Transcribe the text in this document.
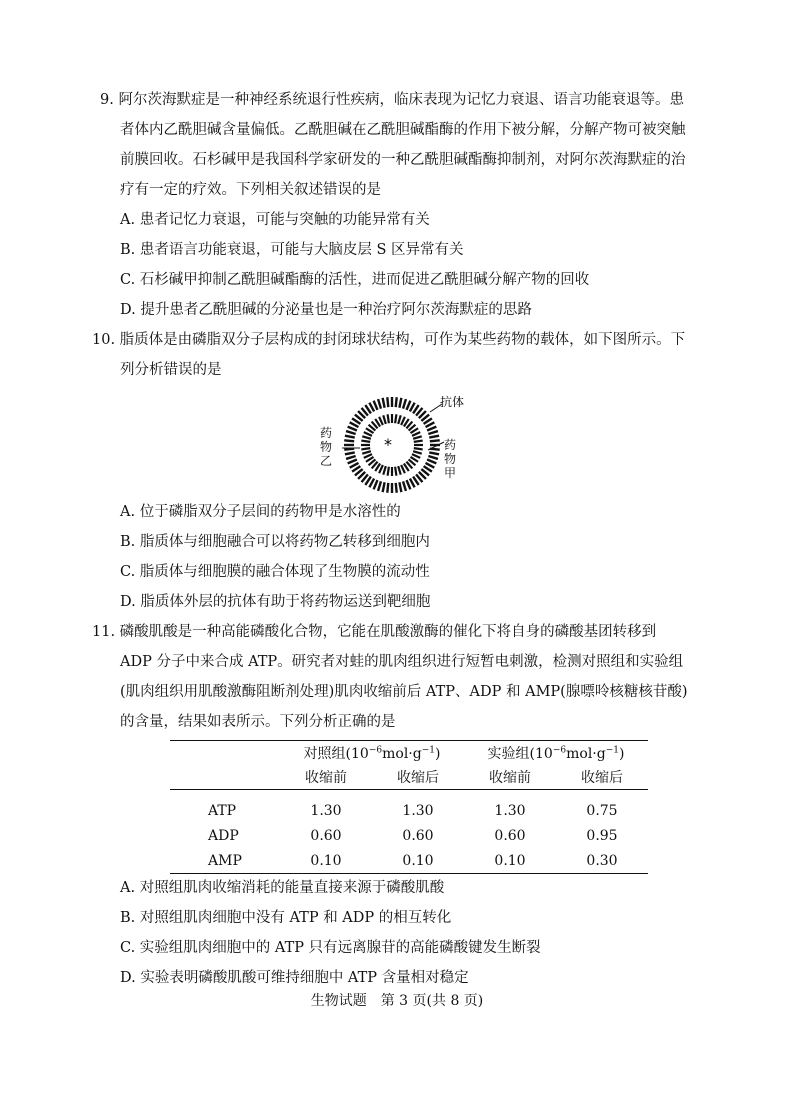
9. 阿尔茨海默症是一种神经系统退行性疾病，临床表现为记忆力衰退、语言功能衰退等。患
者体内乙酰胆碱含量偏低。乙酰胆碱在乙酰胆碱酯酶的作用下被分解，分解产物可被突触
前膜回收。石杉碱甲是我国科学家研发的一种乙酰胆碱酯酶抑制剂，对阿尔茨海默症的治
疗有一定的疗效。下列相关叙述错误的是
A. 患者记忆力衰退，可能与突触的功能异常有关
B. 患者语言功能衰退，可能与大脑皮层 S 区异常有关
C. 石杉碱甲抑制乙酰胆碱酯酶的活性，进而促进乙酰胆碱分解产物的回收
D. 提升患者乙酰胆碱的分泌量也是一种治疗阿尔茨海默症的思路
10. 脂质体是由磷脂双分子层构成的封闭球状结构，可作为某些药物的载体，如下图所示。下
列分析错误的是
*
抗体
药物乙
药物甲
A. 位于磷脂双分子层间的药物甲是水溶性的
B. 脂质体与细胞融合可以将药物乙转移到细胞内
C. 脂质体与细胞膜的融合体现了生物膜的流动性
D. 脂质体外层的抗体有助于将药物运送到靶细胞
11. 磷酸肌酸是一种高能磷酸化合物，它能在肌酸激酶的催化下将自身的磷酸基团转移到
ADP 分子中来合成 ATP。研究者对蛙的肌肉组织进行短暂电刺激，检测对照组和实验组
(肌肉组织用肌酸激酶阻断剂处理)肌肉收缩前后 ATP、ADP 和 AMP(腺嘌呤核糖核苷酸)
的含量，结果如表所示。下列分析正确的是

	对照组$(10^{-6}mol\cdot g^{-1})$		实验组$(10^{-6}mol\cdot g^{-1})$	
	收缩前	收缩后	收缩前	收缩后
ATP	1.30	1.30	1.30	0.75
ADP	0.60	0.60	0.60	0.95
AMP	0.10	0.10	0.10	0.30
A. 对照组肌肉收缩消耗的能量直接来源于磷酸肌酸
B. 对照组肌肉细胞中没有 ATP 和 ADP 的相互转化
C. 实验组肌肉细胞中的 ATP 只有远离腺苷的高能磷酸键发生断裂
D. 实验表明磷酸肌酸可维持细胞中 ATP 含量相对稳定
生物试题　第 3 页(共 8 页)
